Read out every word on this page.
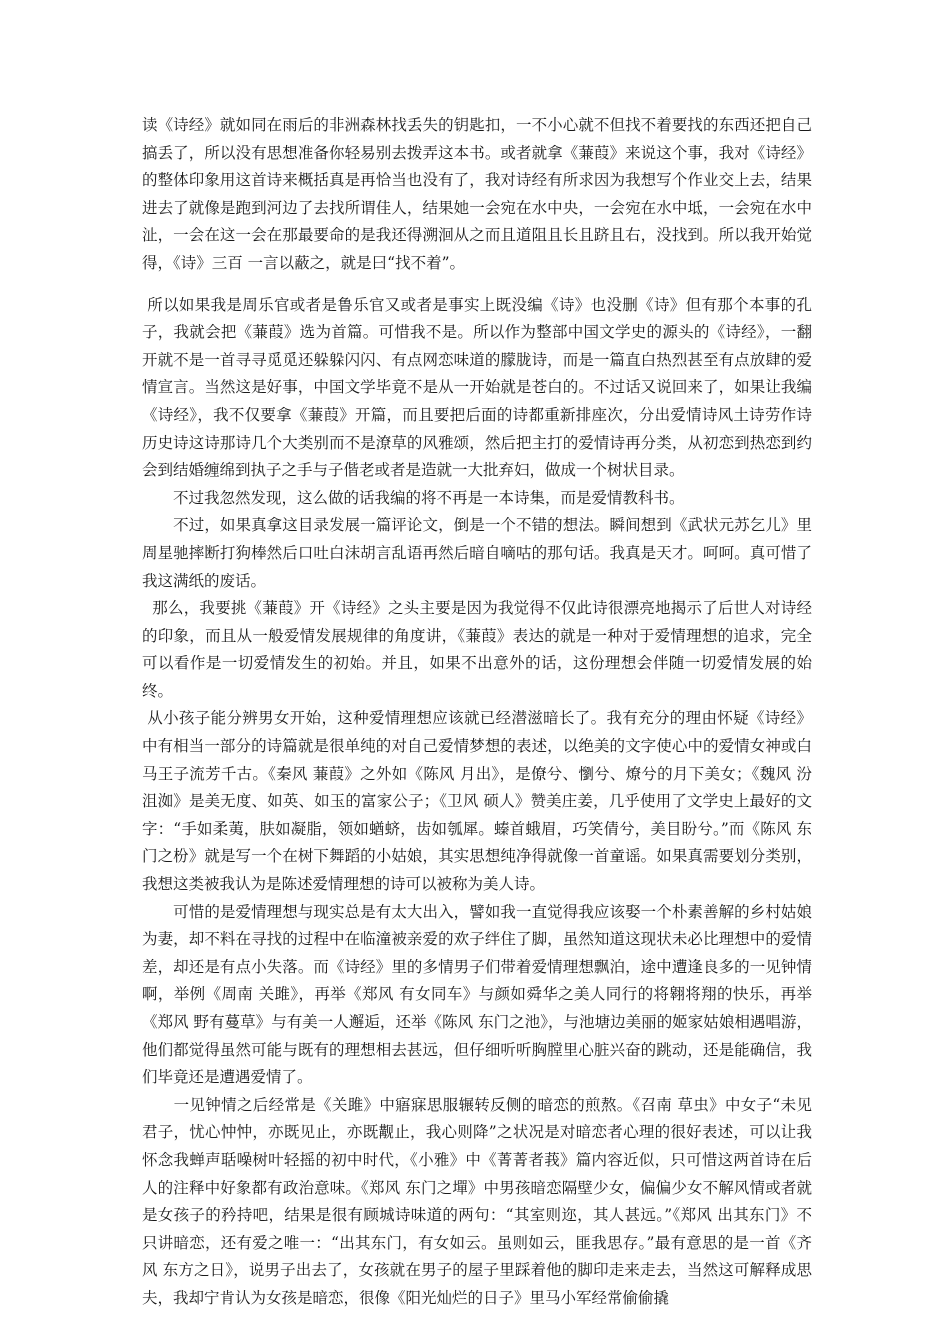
读《诗经》就如同在雨后的非洲森林找丢失的钥匙扣，一不小心就不但找不着要找的东西还把自己搞丢了，所以没有思想准备你轻易别去拨弄这本书。或者就拿《蒹葭》来说这个事，我对《诗经》的整体印象用这首诗来概括真是再恰当也没有了，我对诗经有所求因为我想写个作业交上去，结果进去了就像是跑到河边了去找所谓佳人，结果她一会宛在水中央，一会宛在水中坻，一会宛在水中沚，一会在这一会在那最要命的是我还得溯洄从之而且道阻且长且跻且右，没找到。所以我开始觉得，《诗》三百 一言以蔽之，就是曰“找不着”。

所以如果我是周乐官或者是鲁乐官又或者是事实上既没编《诗》也没删《诗》但有那个本事的孔子，我就会把《蒹葭》选为首篇。可惜我不是。所以作为整部中国文学史的源头的《诗经》，一翻开就不是一首寻寻觅觅还躲躲闪闪、有点网恋味道的朦胧诗，而是一篇直白热烈甚至有点放肆的爱情宣言。当然这是好事，中国文学毕竟不是从一开始就是苍白的。不过话又说回来了，如果让我编《诗经》，我不仅要拿《蒹葭》开篇，而且要把后面的诗都重新排座次，分出爱情诗风土诗劳作诗历史诗这诗那诗几个大类别而不是潦草的风雅颂，然后把主打的爱情诗再分类，从初恋到热恋到约会到结婚缠绵到执子之手与子偕老或者是造就一大批弃妇，做成一个树状目录。

　　不过我忽然发现，这么做的话我编的将不再是一本诗集，而是爱情教科书。

　　不过，如果真拿这目录发展一篇评论文，倒是一个不错的想法。瞬间想到《武状元苏乞儿》里周星驰摔断打狗棒然后口吐白沫胡言乱语再然后暗自嘀咕的那句话。我真是天才。呵呵。真可惜了我这满纸的废话。

那么，我要挑《蒹葭》开《诗经》之头主要是因为我觉得不仅此诗很漂亮地揭示了后世人对诗经的印象，而且从一般爱情发展规律的角度讲，《蒹葭》表达的就是一种对于爱情理想的追求，完全可以看作是一切爱情发生的初始。并且，如果不出意外的话，这份理想会伴随一切爱情发展的始终。

从小孩子能分辨男女开始，这种爱情理想应该就已经潜滋暗长了。我有充分的理由怀疑《诗经》中有相当一部分的诗篇就是很单纯的对自己爱情梦想的表述，以绝美的文字使心中的爱情女神或白马王子流芳千古。《秦风 蒹葭》之外如《陈风 月出》，是僚兮、懰兮、燎兮的月下美女；《魏风 汾沮洳》是美无度、如英、如玉的富家公子；《卫风 硕人》赞美庄姜，几乎使用了文学史上最好的文字：“手如柔荑，肤如凝脂，领如蝤蛴，齿如瓠犀。螓首蛾眉，巧笑倩兮，美目盼兮。”而《陈风 东门之枌》就是写一个在树下舞蹈的小姑娘，其实思想纯净得就像一首童谣。如果真需要划分类别，我想这类被我认为是陈述爱情理想的诗可以被称为美人诗。

　　可惜的是爱情理想与现实总是有太大出入，譬如我一直觉得我应该娶一个朴素善解的乡村姑娘为妻，却不料在寻找的过程中在临潼被亲爱的欢子绊住了脚，虽然知道这现状未必比理想中的爱情差，却还是有点小失落。而《诗经》里的多情男子们带着爱情理想飘泊，途中遭逢良多的一见钟情啊，举例《周南 关雎》，再举《郑风 有女同车》与颜如舜华之美人同行的将翱将翔的快乐，再举《郑风 野有蔓草》与有美一人邂逅，还举《陈风 东门之池》，与池塘边美丽的姬家姑娘相遇唱游，他们都觉得虽然可能与既有的理想相去甚远，但仔细听听胸膛里心脏兴奋的跳动，还是能确信，我们毕竟还是遭遇爱情了。

　　一见钟情之后经常是《关雎》中寤寐思服辗转反侧的暗恋的煎熬。《召南 草虫》中女子“未见君子，忧心忡忡，亦既见止，亦既觏止，我心则降”之状况是对暗恋者心理的很好表述，可以让我怀念我蝉声聒噪树叶轻摇的初中时代，《小雅》中《菁菁者莪》篇内容近似，只可惜这两首诗在后人的注释中好象都有政治意味。《郑风 东门之墠》中男孩暗恋隔壁少女，偏偏少女不解风情或者就是女孩子的矜持吧，结果是很有顾城诗味道的两句：“其室则迩，其人甚远。”《郑风 出其东门》不只讲暗恋，还有爱之唯一：“出其东门，有女如云。虽则如云，匪我思存。”最有意思的是一首《齐风 东方之日》，说男子出去了，女孩就在男子的屋子里踩着他的脚印走来走去，当然这可解释成思夫，我却宁肯认为女孩是暗恋，很像《阳光灿烂的日子》里马小军经常偷偷撬
